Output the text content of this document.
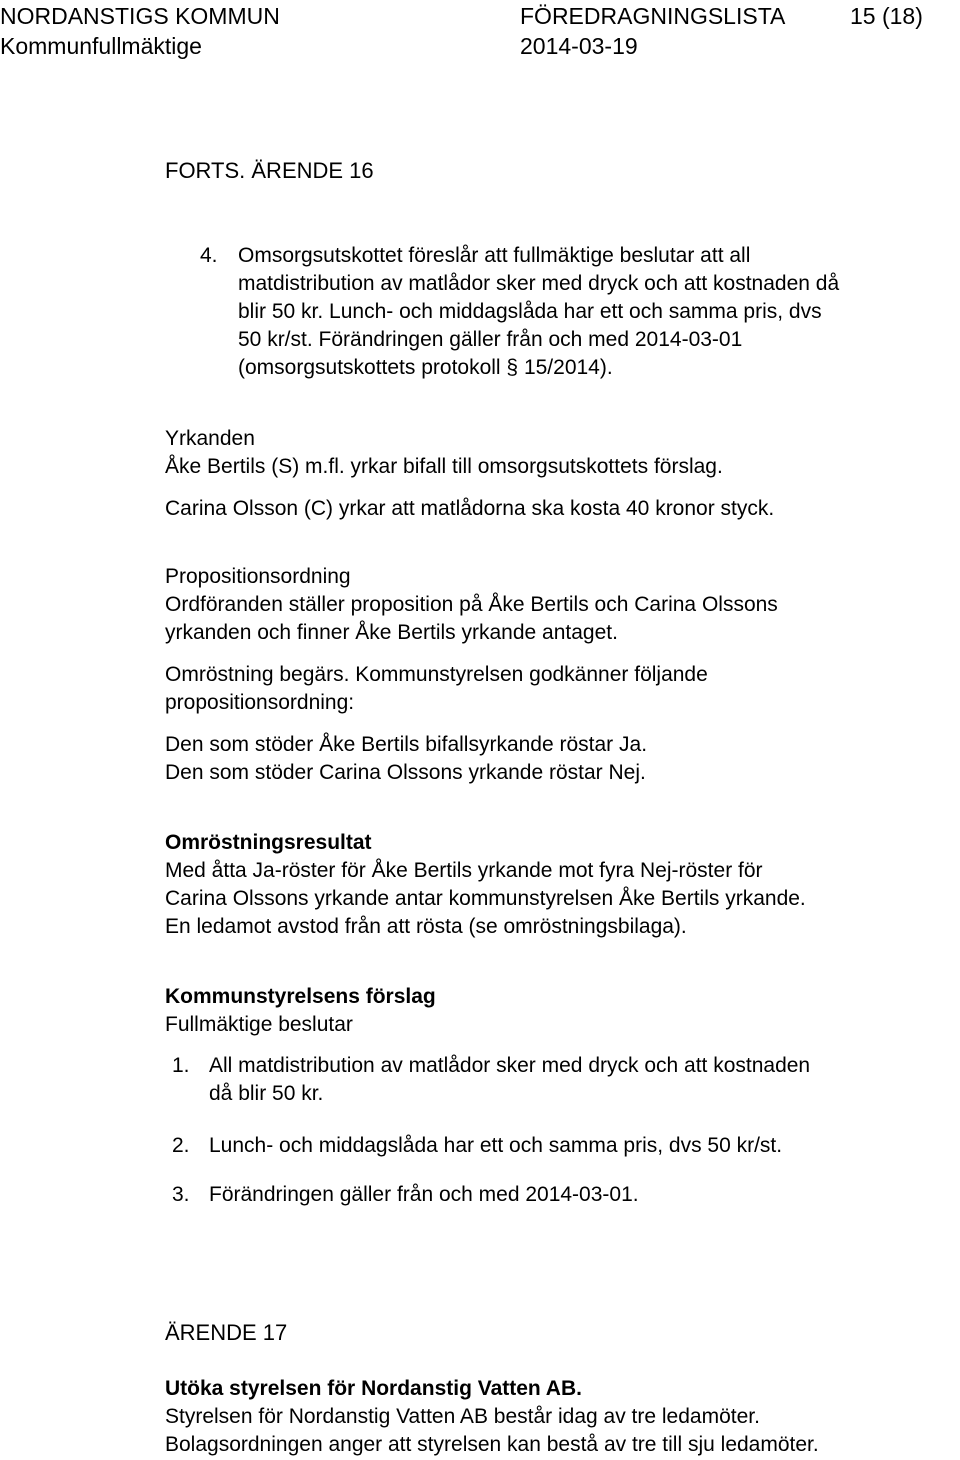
NORDANSTIGS KOMMUN	FÖREDRAGNINGSLISTA	15 (18)
Kommunfullmäktige	2014-03-19
FORTS. ÄRENDE 16
4. Omsorgsutskottet föreslår att fullmäktige beslutar att all
matdistribution av matlådor sker med dryck och att kostnaden då
blir 50 kr. Lunch- och middagslåda har ett och samma pris, dvs
50 kr/st. Förändringen gäller från och med 2014-03-01
(omsorgsutskottets protokoll § 15/2014).
Yrkanden
Åke Bertils (S) m.fl. yrkar bifall till omsorgsutskottets förslag.
Carina Olsson (C) yrkar att matlådorna ska kosta 40 kronor styck.
Propositionsordning
Ordföranden ställer proposition på Åke Bertils och Carina Olssons
yrkanden och finner Åke Bertils yrkande antaget.
Omröstning begärs. Kommunstyrelsen godkänner följande
propositionsordning:
Den som stöder Åke Bertils bifallsyrkande röstar Ja.
Den som stöder Carina Olssons yrkande röstar Nej.
Omröstningsresultat
Med åtta Ja-röster för Åke Bertils yrkande mot fyra Nej-röster för
Carina Olssons yrkande antar kommunstyrelsen Åke Bertils yrkande.
En ledamot avstod från att rösta (se omröstningsbilaga).
Kommunstyrelsens förslag
Fullmäktige beslutar
1. All matdistribution av matlådor sker med dryck och att kostnaden
då blir 50 kr.
2. Lunch- och middagslåda har ett och samma pris, dvs 50 kr/st.
3. Förändringen gäller från och med 2014-03-01.
ÄRENDE 17
Utöka styrelsen för Nordanstig Vatten AB.
Styrelsen för Nordanstig Vatten AB består idag av tre ledamöter.
Bolagsordningen anger att styrelsen kan bestå av tre till sju ledamöter.
